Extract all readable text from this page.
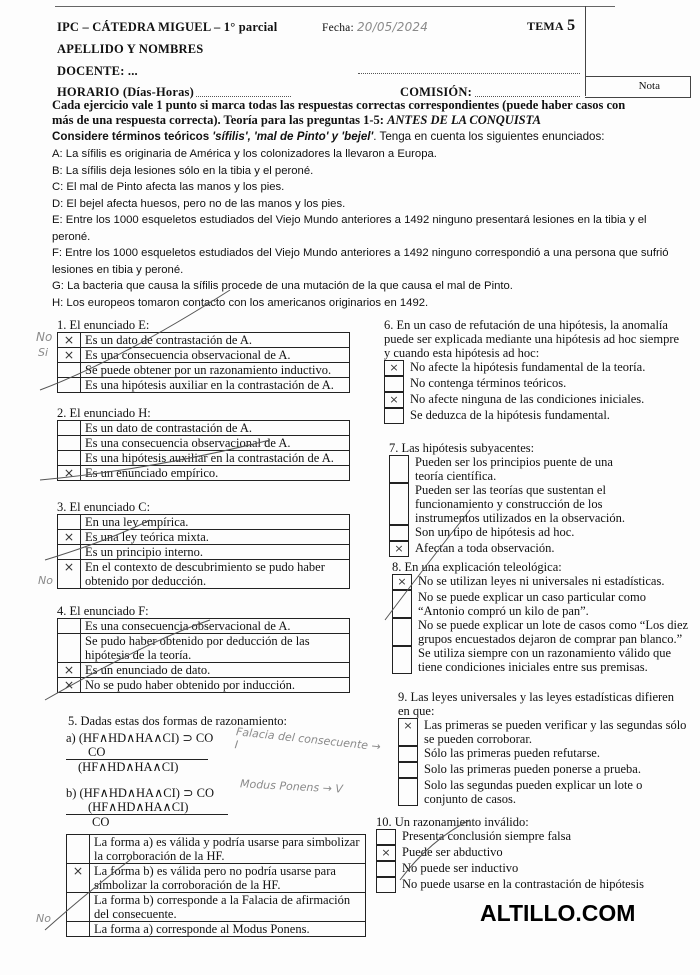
Nota
IPC – CÁTEDRA MIGUEL – 1° parcial	Fecha: 20/05/2024	TEMA 5
APELLIDO Y NOMBRES
DOCENTE: ...
HORARIO (Días-Horas)	COMISIÓN:
Cada ejercicio vale 1 punto si marca todas las respuestas correctas correspondientes (puede haber casos con
más de una respuesta correcta). Teoría para las preguntas 1-5: ANTES DE LA CONQUISTA
Considere términos teóricos 'sífilis', 'mal de Pinto' y 'bejel'. Tenga en cuenta los siguientes enunciados:
A: La sífilis es originaria de América y los colonizadores la llevaron a Europa.
B: La sífilis deja lesiones sólo en la tibia y el peroné.
C: El mal de Pinto afecta las manos y los pies.
D: El bejel afecta huesos, pero no de las manos y los pies.
E: Entre los 1000 esqueletos estudiados del Viejo Mundo anteriores a 1492 ninguno presentará lesiones en la tibia y el peroné.
F: Entre los 1000 esqueletos estudiados del Viejo Mundo anteriores a 1492 ninguno correspondió a una persona que sufrió lesiones en tibia y peroné.
G: La bacteria que causa la sífilis procede de una mutación de la que causa el mal de Pinto.
H: Los europeos tomaron contacto con los americanos originarios en 1492.
1. El enunciado E:
×	Es un dato de contrastación de A.
×	Es una consecuencia observacional de A.
	Se puede obtener por un razonamiento inductivo.
	Es una hipótesis auxiliar en la contrastación de A.
2. El enunciado H:
	Es un dato de contrastación de A.
	Es una consecuencia observacional de A.
	Es una hipótesis auxiliar en la contrastación de A.
×	Es un enunciado empírico.
3. El enunciado C:
	En una ley empírica.
×	Es una ley teórica mixta.
	Es un principio interno.
×	En el contexto de descubrimiento se pudo haber obtenido por deducción.
4. El enunciado F:
	Es una consecuencia observacional de A.
	Se pudo haber obtenido por deducción de las hipótesis de la teoría.
×	Es un enunciado de dato.
×	No se pudo haber obtenido por inducción.
5. Dadas estas dos formas de razonamiento:
a) (HF∧HD∧HA∧CI) ⊃ CO
CO
(HF∧HD∧HA∧CI)
b) (HF∧HD∧HA∧CI) ⊃ CO
(HF∧HD∧HA∧CI)
CO
Falacia del consecuente → I
Modus Ponens → V
	La forma a) es válida y podría usarse para simbolizar la corroboración de la HF.
×	La forma b) es válida pero no podría usarse para simbolizar la corroboración de la HF.
	La forma b) corresponde a la Falacia de afirmación del consecuente.
	La forma a) corresponde al Modus Ponens.
6. En un caso de refutación de una hipótesis, la anomalía puede ser explicada mediante una hipótesis ad hoc siempre y cuando esta hipótesis ad hoc:
× No afecte la hipótesis fundamental de la teoría.
No contenga términos teóricos.
× No afecte ninguna de las condiciones iniciales.
Se deduzca de la hipótesis fundamental.
7. Las hipótesis subyacentes:
Pueden ser los principios puente de una teoría científica.
Pueden ser las teorías que sustentan el funcionamiento y construcción de los instrumentos utilizados en la observación.
Son un tipo de hipótesis ad hoc.
× Afectan a toda observación.
8. En una explicación teleológica:
× No se utilizan leyes ni universales ni estadísticas.
No se puede explicar un caso particular como “Antonio compró un kilo de pan”.
No se puede explicar un lote de casos como “Los diez grupos encuestados dejaron de comprar pan blanco.”
Se utiliza siempre con un razonamiento válido que tiene condiciones iniciales entre sus premisas.
9. Las leyes universales y las leyes estadísticas difieren en que:
× Las primeras se pueden verificar y las segundas sólo se pueden corroborar.
Sólo las primeras pueden refutarse.
Solo las primeras pueden ponerse a prueba.
Solo las segundas pueden explicar un lote o conjunto de casos.
10. Un razonamiento inválido:
Presenta conclusión siempre falsa
× Puede ser abductivo
No puede ser inductivo
No puede usarse en la contrastación de hipótesis
No
Si
No
No	ALTILLO.COM
